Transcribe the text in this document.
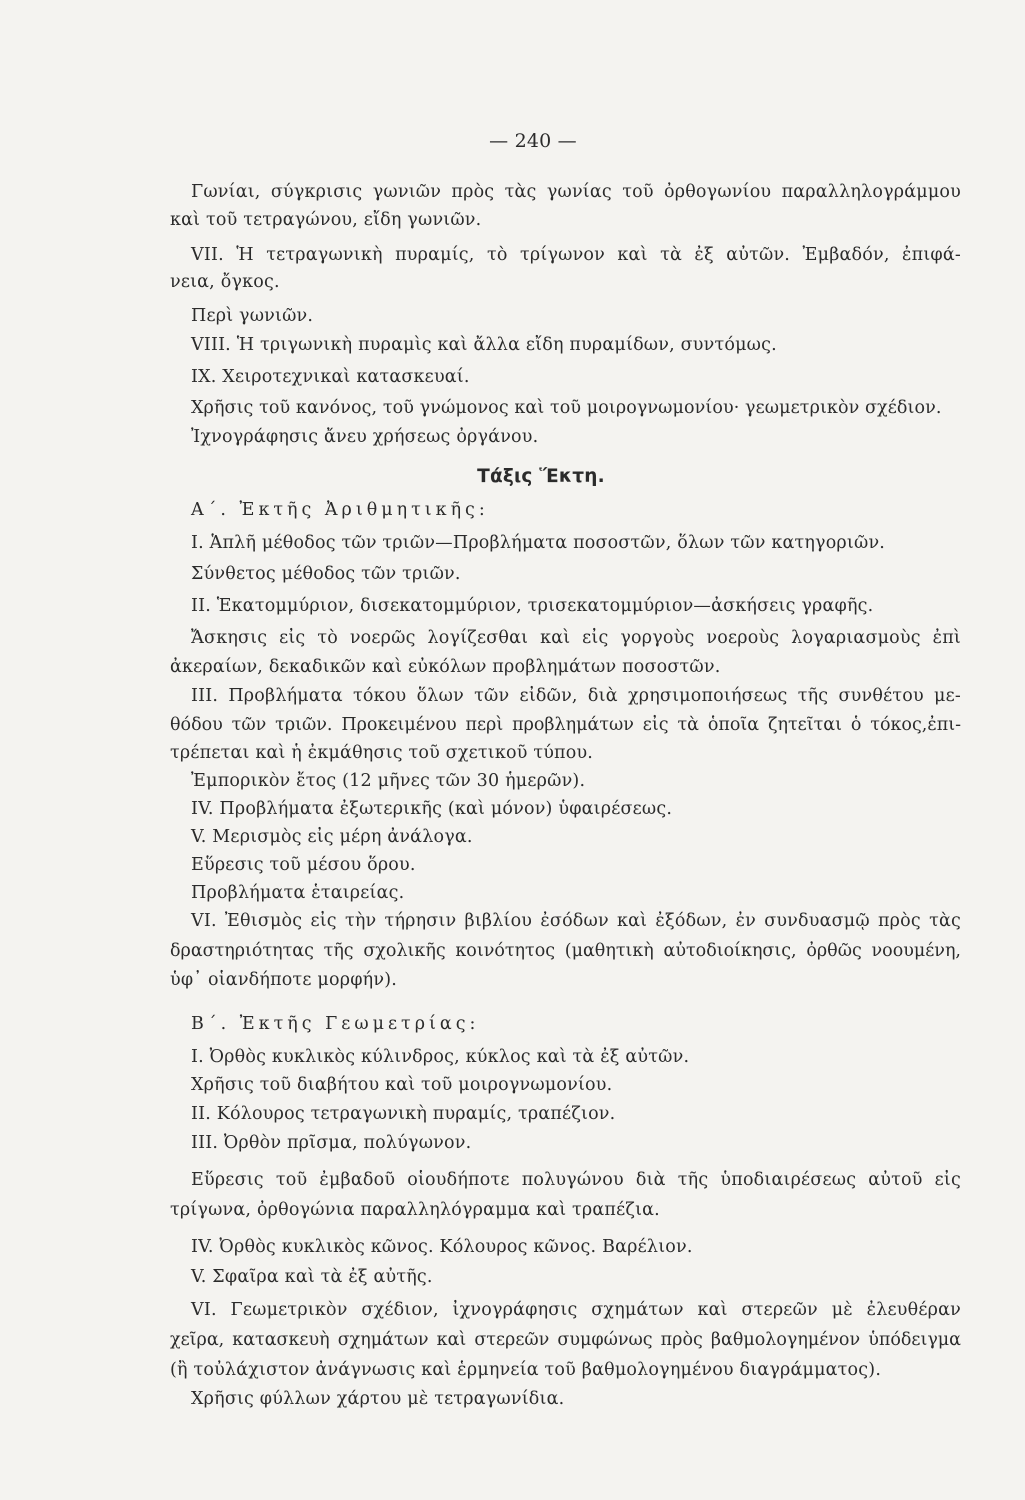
— 240 —
Γωνίαι, σύγκρισις γωνιῶν πρὸς τὰς γωνίας τοῦ ὀρθογωνίου παραλληλογράμμου
καὶ τοῦ τετραγώνου, εἴδη γωνιῶν.
VII. Ἡ τετραγωνικὴ πυραμίς, τὸ τρίγωνον καὶ τὰ ἐξ αὐτῶν. Ἐμβαδόν, ἐπιφά-
νεια, ὄγκος.
Περὶ γωνιῶν.
VIII. Ἡ τριγωνικὴ πυραμὶς καὶ ἄλλα εἴδη πυραμίδων, συντόμως.
IX. Χειροτεχνικαὶ κατασκευαί.
Χρῆσις τοῦ κανόνος, τοῦ γνώμονος καὶ τοῦ μοιρογνωμονίου· γεωμετρικὸν σχέδιον.
Ἰχνογράφησις ἄνευ χρήσεως ὀργάνου.
Τάξις Ἕκτη.
Α΄. Ἐκτῆς Ἀριθμητικῆς:
I. Ἁπλῆ μέθοδος τῶν τριῶν—Προβλήματα ποσοστῶν, ὅλων τῶν κατηγοριῶν.
Σύνθετος μέθοδος τῶν τριῶν.
II. Ἑκατομμύριον, δισεκατομμύριον, τρισεκατομμύριον—ἀσκήσεις γραφῆς.
Ἄσκησις εἰς τὸ νοερῶς λογίζεσθαι καὶ εἰς γοργοὺς νοεροὺς λογαριασμοὺς ἐπὶ
ἀκεραίων, δεκαδικῶν καὶ εὐκόλων προβλημάτων ποσοστῶν.
III. Προβλήματα τόκου ὅλων τῶν εἰδῶν, διὰ χρησιμοποιήσεως τῆς συνθέτου με-
θόδου τῶν τριῶν. Προκειμένου περὶ προβλημάτων εἰς τὰ ὁποῖα ζητεῖται ὁ τόκος,ἐπι-
τρέπεται καὶ ἡ ἐκμάθησις τοῦ σχετικοῦ τύπου.
Ἐμπορικὸν ἔτος (12 μῆνες τῶν 30 ἡμερῶν).
IV. Προβλήματα ἐξωτερικῆς (καὶ μόνον) ὑφαιρέσεως.
V. Μερισμὸς εἰς μέρη ἀνάλογα.
Εὕρεσις τοῦ μέσου ὅρου.
Προβλήματα ἑταιρείας.
VI. Ἐθισμὸς εἰς τὴν τήρησιν βιβλίου ἐσόδων καὶ ἐξόδων, ἐν συνδυασμῷ πρὸς τὰς
δραστηριότητας τῆς σχολικῆς κοινότητος (μαθητικὴ αὐτοδιοίκησις, ὀρθῶς νοουμένη,
ὑφ᾽ οἱανδήποτε μορφήν).
Β΄. Ἐκτῆς Γεωμετρίας:
I. Ὀρθὸς κυκλικὸς κύλινδρος, κύκλος καὶ τὰ ἐξ αὐτῶν.
Χρῆσις τοῦ διαβήτου καὶ τοῦ μοιρογνωμονίου.
II. Κόλουρος τετραγωνικὴ πυραμίς, τραπέζιον.
III. Ὀρθὸν πρῖσμα, πολύγωνον.
Εὕρεσις τοῦ ἐμβαδοῦ οἱουδήποτε πολυγώνου διὰ τῆς ὑποδιαιρέσεως αὐτοῦ εἰς
τρίγωνα, ὀρθογώνια παραλληλόγραμμα καὶ τραπέζια.
IV. Ὀρθὸς κυκλικὸς κῶνος. Κόλουρος κῶνος. Βαρέλιον.
V. Σφαῖρα καὶ τὰ ἐξ αὐτῆς.
VI. Γεωμετρικὸν σχέδιον, ἰχνογράφησις σχημάτων καὶ στερεῶν μὲ ἐλευθέραν
χεῖρα, κατασκευὴ σχημάτων καὶ στερεῶν συμφώνως πρὸς βαθμολογημένον ὑπόδειγμα
(ἢ τοὐλάχιστον ἀνάγνωσις καὶ ἑρμηνεία τοῦ βαθμολογημένου διαγράμματος).
Χρῆσις φύλλων χάρτου μὲ τετραγωνίδια.
